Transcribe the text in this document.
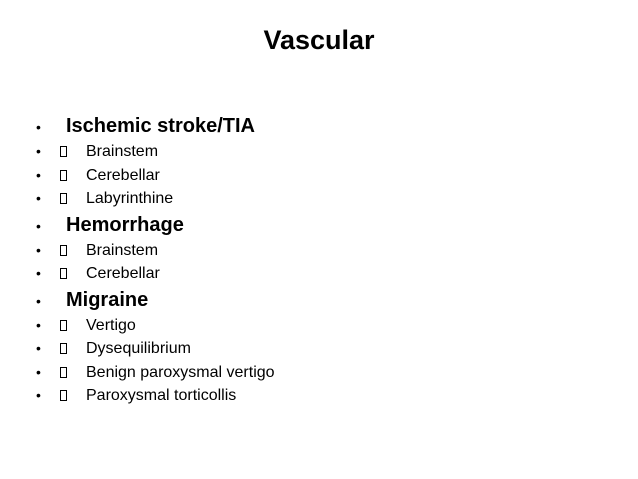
Vascular
• Ischemic stroke/TIA
•	Brainstem
•	Cerebellar
•	Labyrinthine
• Hemorrhage
•	Brainstem
•	Cerebellar
• Migraine
•	Vertigo
•	Dysequilibrium
•	Benign paroxysmal vertigo
•	Paroxysmal torticollis
